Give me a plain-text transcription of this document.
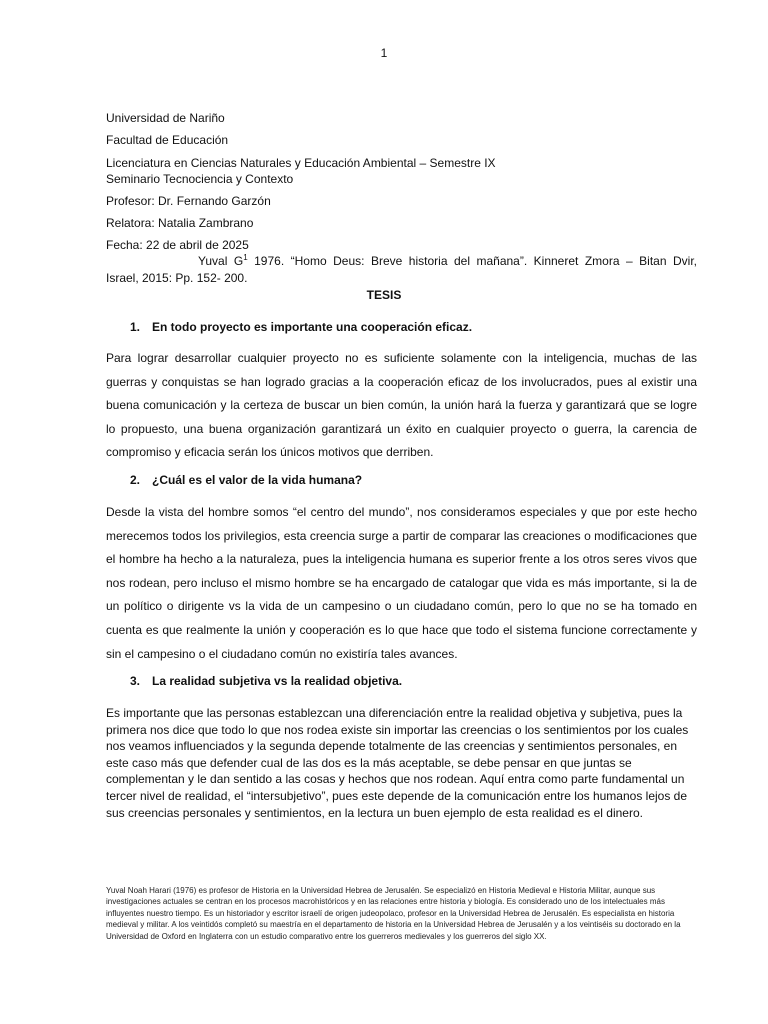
1
Universidad de Nariño
Facultad de Educación
Licenciatura en Ciencias Naturales y Educación Ambiental – Semestre IX
Seminario Tecnociencia y Contexto
Profesor: Dr. Fernando Garzón
Relatora: Natalia Zambrano
Fecha: 22 de abril de 2025
Yuval $G^1$ 1976. “Homo Deus: Breve historia del mañana”. Kinneret Zmora – Bitan Dvir,
Israel, 2015: Pp. 152- 200.
TESIS
1. En todo proyecto es importante una cooperación eficaz.

Para lograr desarrollar cualquier proyecto no es suficiente solamente con la inteligencia, muchas de las guerras y conquistas se han logrado gracias a la cooperación eficaz de los involucrados, pues al existir una buena comunicación y la certeza de buscar un bien común, la unión hará la fuerza y garantizará que se logre lo propuesto, una buena organización garantizará un éxito en cualquier proyecto o guerra, la carencia de compromiso y eficacia serán los únicos motivos que derriben.

2. ¿Cuál es el valor de la vida humana?

Desde la vista del hombre somos “el centro del mundo”, nos consideramos especiales y que por este hecho merecemos todos los privilegios, esta creencia surge a partir de comparar las creaciones o modificaciones que el hombre ha hecho a la naturaleza, pues la inteligencia humana es superior frente a los otros seres vivos que nos rodean, pero incluso el mismo hombre se ha encargado de catalogar que vida es más importante, si la de un político o dirigente vs la vida de un campesino o un ciudadano común, pero lo que no se ha tomado en cuenta es que realmente la unión y cooperación es lo que hace que todo el sistema funcione correctamente y sin el campesino o el ciudadano común no existiría tales avances.

3. La realidad subjetiva vs la realidad objetiva.

Es importante que las personas establezcan una diferenciación entre la realidad objetiva y subjetiva, pues la primera nos dice que todo lo que nos rodea existe sin importar las creencias o los sentimientos por los cuales nos veamos influenciados y la segunda depende totalmente de las creencias y sentimientos personales, en este caso más que defender cual de las dos es la más aceptable, se debe pensar en que juntas se complementan y le dan sentido a las cosas y hechos que nos rodean. Aquí entra como parte fundamental un tercer nivel de realidad, el “intersubjetivo”, pues este depende de la comunicación entre los humanos lejos de sus creencias personales y sentimientos, en la lectura un buen ejemplo de esta realidad es el dinero.

Yuval Noah Harari (1976) es profesor de Historia en la Universidad Hebrea de Jerusalén. Se especializó en Historia Medieval e Historia Militar, aunque sus investigaciones actuales se centran en los procesos macrohistóricos y en las relaciones entre historia y biología. Es considerado uno de los intelectuales más influyentes nuestro tiempo. Es un historiador y escritor israelí de origen judeopolaco, profesor en la Universidad Hebrea de Jerusalén. Es especialista en historia medieval y militar. A los veintidós completó su maestría en el departamento de historia en la Universidad Hebrea de Jerusalén y a los veintiséis su doctorado en la Universidad de Oxford en Inglaterra con un estudio comparativo entre los guerreros medievales y los guerreros del siglo XX.
